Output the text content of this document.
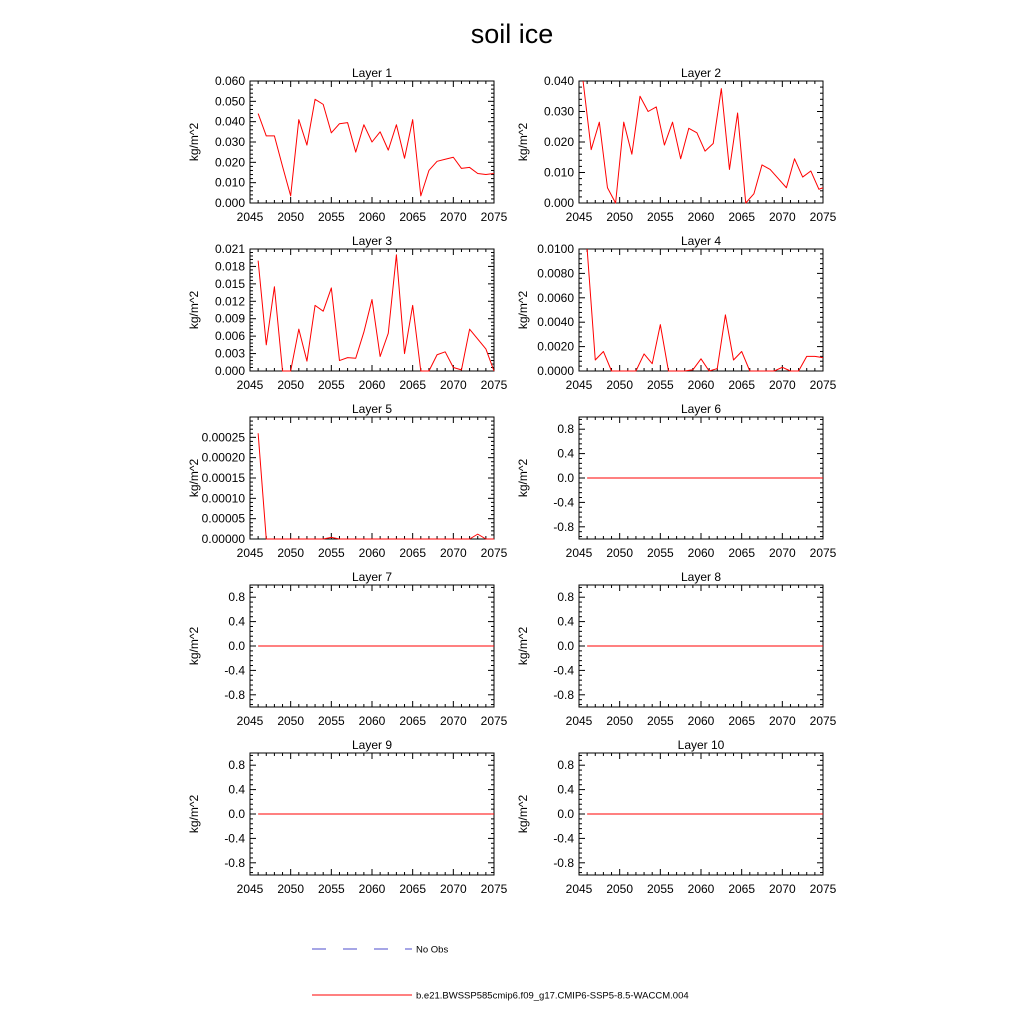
soil ice
Layer 1
kg/m^2
2045 2050 2055 2060 2065 2070 2075
0.000
0.010
0.020
0.030
0.040
0.050
0.060
Layer 2
kg/m^2
2045 2050 2055 2060 2065 2070 2075
0.000
0.010
0.020
0.030
0.040
Layer 3
kg/m^2
2045 2050 2055 2060 2065 2070 2075
0.000
0.003
0.006
0.009
0.012
0.015
0.018
0.021
Layer 4
kg/m^2
2045 2050 2055 2060 2065 2070 2075
0.0000
0.0020
0.0040
0.0060
0.0080
0.0100
Layer 5
kg/m^2
2045 2050 2055 2060 2065 2070 2075
0.00000
0.00005
0.00010
0.00015
0.00020
0.00025
Layer 6
kg/m^2
2045 2050 2055 2060 2065 2070 2075
-0.8
-0.4
0.0
0.4
0.8
Layer 7
kg/m^2
2045 2050 2055 2060 2065 2070 2075
-0.8
-0.4
0.0
0.4
0.8
Layer 8
kg/m^2
2045 2050 2055 2060 2065 2070 2075
-0.8
-0.4
0.0
0.4
0.8
Layer 9
kg/m^2
2045 2050 2055 2060 2065 2070 2075
-0.8
-0.4
0.0
0.4
0.8
Layer 10
kg/m^2
2045 2050 2055 2060 2065 2070 2075
-0.8
-0.4
0.0
0.4
0.8
No Obs
b.e21.BWSSP585cmip6.f09_g17.CMIP6-SSP5-8.5-WACCM.004
